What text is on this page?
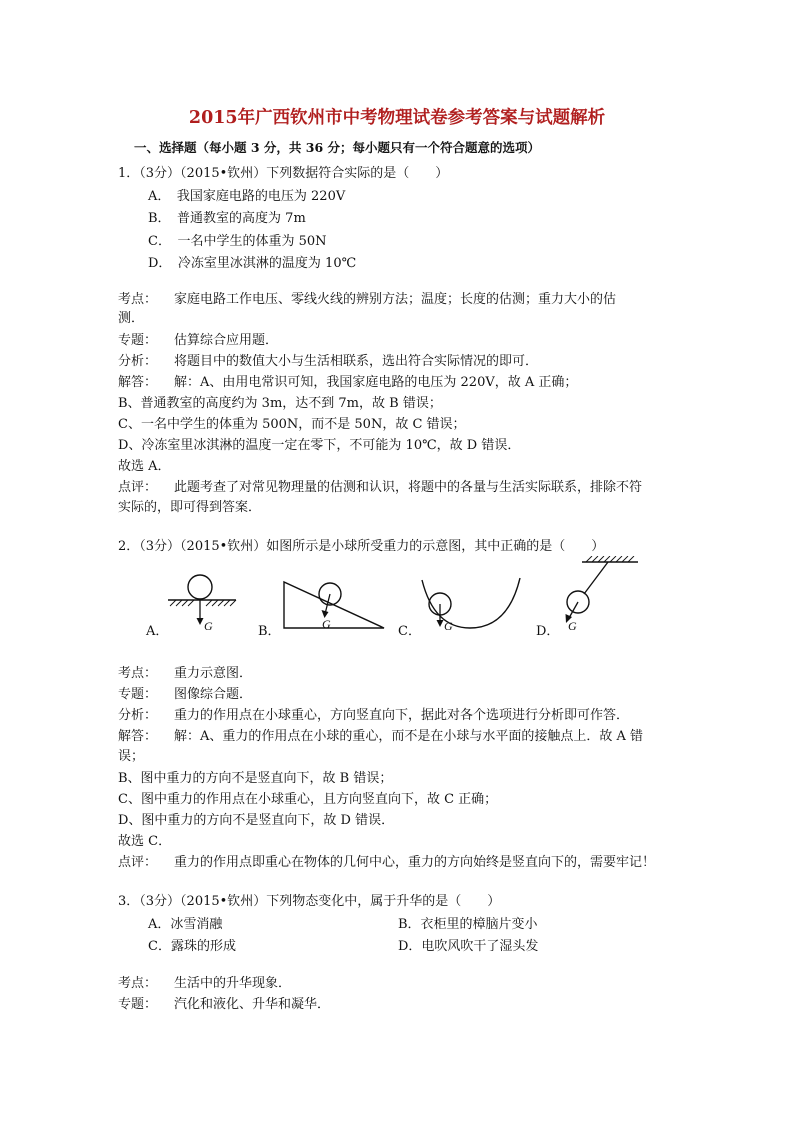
2015年广西钦州市中考物理试卷参考答案与试题解析
一、选择题（每小题 3 分，共 36 分；每小题只有一个符合题意的选项）
1．（3分）（2015•钦州）下列数据符合实际的是（　　）
A．　我国家庭电路的电压为 220V
B．　普通教室的高度为 7m
C．　一名中学生的体重为 50N
D．　冷冻室里冰淇淋的温度为 10℃
考点： 家庭电路工作电压、零线火线的辨别方法；温度；长度的估测；重力大小的估
测．
专题： 估算综合应用题．
分析： 将题目中的数值大小与生活相联系，选出符合实际情况的即可．
解答： 解：A、由用电常识可知，我国家庭电路的电压为 220V，故 A 正确；
B、普通教室的高度约为 3m，达不到 7m，故 B 错误；
C、一名中学生的体重为 500N，而不是 50N，故 C 错误；
D、冷冻室里冰淇淋的温度一定在零下，不可能为 10℃，故 D 错误．
故选 A．
点评： 此题考查了对常见物理量的估测和认识，将题中的各量与生活实际联系，排除不符
实际的，即可得到答案．
2．（3分）（2015•钦州）如图所示是小球所受重力的示意图，其中正确的是（　　）
A．	G	B．	G	C． G	D． G
考点： 重力示意图．
专题： 图像综合题．
分析： 重力的作用点在小球重心，方向竖直向下，据此对各个选项进行分析即可作答．
解答： 解：A、重力的作用点在小球的重心，而不是在小球与水平面的接触点上．故 A 错
误；
B、图中重力的方向不是竖直向下，故 B 错误；
C、图中重力的作用点在小球重心，且方向竖直向下，故 C 正确；
D、图中重力的方向不是竖直向下，故 D 错误．
故选 C．
点评： 重力的作用点即重心在物体的几何中心，重力的方向始终是竖直向下的，需要牢记！
3．（3分）（2015•钦州）下列物态变化中，属于升华的是（　　）
A．冰雪消融	B．衣柜里的樟脑片变小
C．露珠的形成	D．电吹风吹干了湿头发
考点： 生活中的升华现象．
专题： 汽化和液化、升华和凝华．
